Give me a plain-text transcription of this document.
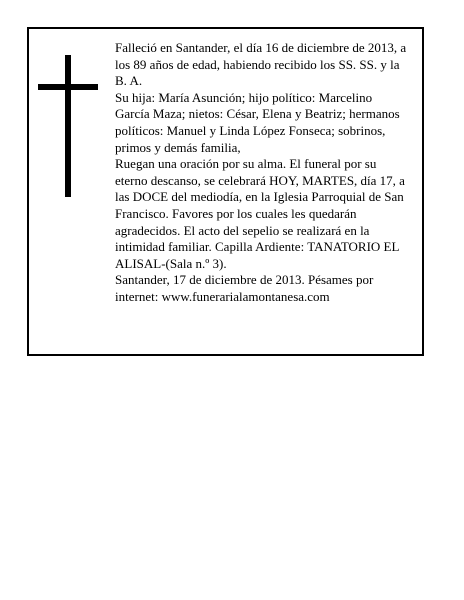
Falleció en Santander, el día 16 de diciembre de 2013, a
los 89 años de edad, habiendo recibido los SS. SS. y la
B. A.

Su hija: María Asunción; hijo político: Marcelino
García Maza; nietos: César, Elena y Beatriz; hermanos
políticos: Manuel y Linda López Fonseca; sobrinos,
primos y demás familia,

Ruegan una oración por su alma. El funeral por su
eterno descanso, se celebrará HOY, MARTES, día 17, a
las DOCE del mediodía, en la Iglesia Parroquial de San
Francisco. Favores por los cuales les quedarán
agradecidos. El acto del sepelio se realizará en la
intimidad familiar. Capilla Ardiente: TANATORIO EL
ALISAL-(Sala n.º 3).

Santander, 17 de diciembre de 2013. Pésames por
internet: www.funerarialamontanesa.com
